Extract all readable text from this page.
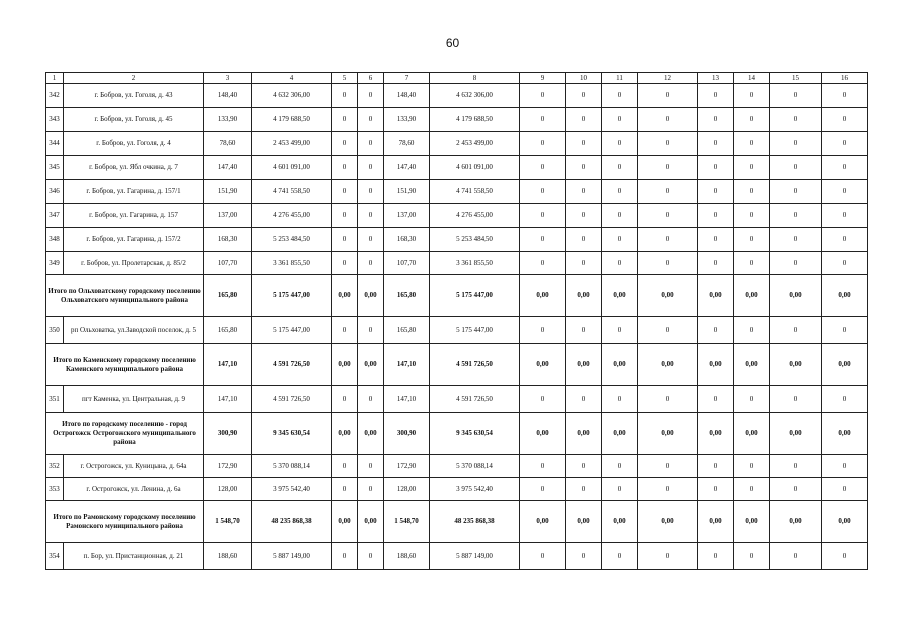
60
1	2	3	4	5	6	7	8	9	10	11	12	13	14	15	16
342	г. Бобров, ул. Гоголя, д. 43	148,40	4 632 306,00	0	0	148,40	4 632 306,00	0	0	0	0	0	0	0	0
343	г. Бобров, ул. Гоголя, д. 45	133,90	4 179 688,50	0	0	133,90	4 179 688,50	0	0	0	0	0	0	0	0
344	г. Бобров, ул. Гоголя, д. 4	78,60	2 453 499,00	0	0	78,60	2 453 499,00	0	0	0	0	0	0	0	0
345	г. Бобров, ул. Ябл очкина, д. 7	147,40	4 601 091,00	0	0	147,40	4 601 091,00	0	0	0	0	0	0	0	0
346	г. Бобров, ул. Гагарина, д. 157/1	151,90	4 741 558,50	0	0	151,90	4 741 558,50	0	0	0	0	0	0	0	0
347	г. Бобров, ул. Гагарина, д. 157	137,00	4 276 455,00	0	0	137,00	4 276 455,00	0	0	0	0	0	0	0	0
348	г. Бобров, ул. Гагарина, д. 157/2	168,30	5 253 484,50	0	0	168,30	5 253 484,50	0	0	0	0	0	0	0	0
349	г. Бобров, ул. Пролетарская, д. 85/2	107,70	3 361 855,50	0	0	107,70	3 361 855,50	0	0	0	0	0	0	0	0
Итого по Ольховатскому городскому поселению Ольховатского муниципального района		165,80	5 175 447,00	0,00	0,00	165,80	5 175 447,00	0,00	0,00	0,00	0,00	0,00	0,00	0,00	0,00
350	рп Ольховатка, ул.Заводской поселок, д. 5	165,80	5 175 447,00	0	0	165,80	5 175 447,00	0	0	0	0	0	0	0	0
Итого по Каменскому городскому поселению Каменского муниципального района		147,10	4 591 726,50	0,00	0,00	147,10	4 591 726,50	0,00	0,00	0,00	0,00	0,00	0,00	0,00	0,00
351	пгт Каменка, ул. Центральная, д. 9	147,10	4 591 726,50	0	0	147,10	4 591 726,50	0	0	0	0	0	0	0	0
Итого по городскому поселению - город Острогожск Острогожского муниципального района		300,90	9 345 630,54	0,00	0,00	300,90	9 345 630,54	0,00	0,00	0,00	0,00	0,00	0,00	0,00	0,00
352	г. Острогожск, ул. Куницына, д. 64а	172,90	5 370 088,14	0	0	172,90	5 370 088,14	0	0	0	0	0	0	0	0
353	г. Острогожск, ул. Ленина, д. 6а	128,00	3 975 542,40	0	0	128,00	3 975 542,40	0	0	0	0	0	0	0	0
Итого по Рамонскому городскому поселению Рамонского муниципального района		1 548,70	48 235 868,38	0,00	0,00	1 548,70	48 235 868,38	0,00	0,00	0,00	0,00	0,00	0,00	0,00	0,00
354	п. Бор, ул. Пристанционная, д. 21	188,60	5 887 149,00	0	0	188,60	5 887 149,00	0	0	0	0	0	0	0	0
